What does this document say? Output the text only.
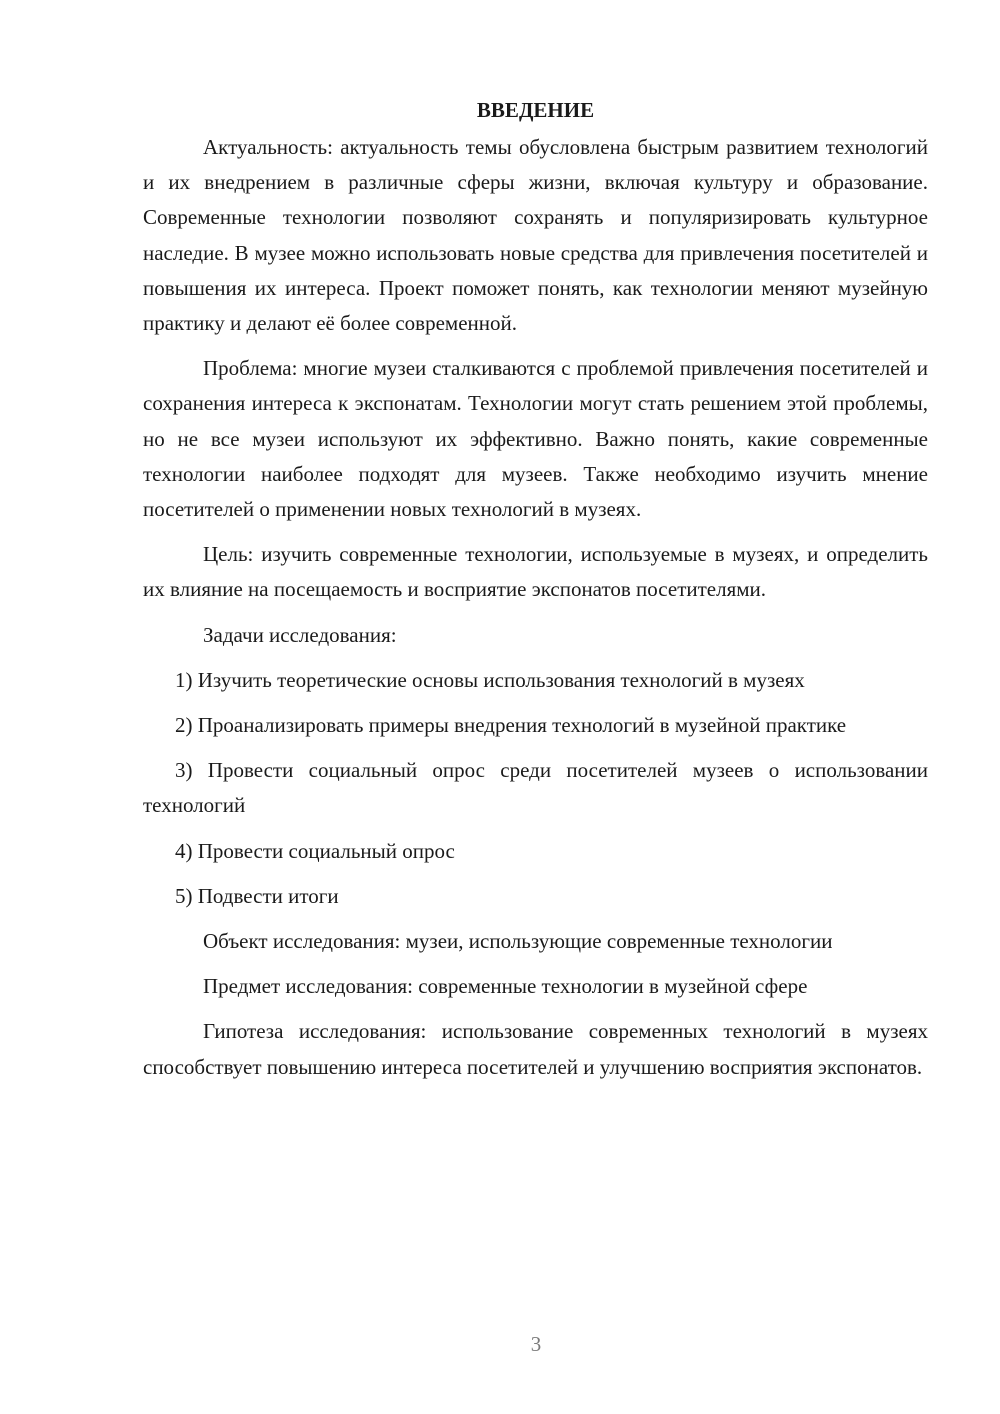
ВВЕДЕНИЕ

Актуальность: актуальность темы обусловлена быстрым развитием технологий и их внедрением в различные сферы жизни, включая культуру и образование. Современные технологии позволяют сохранять и популяризировать культурное наследие. В музее можно использовать новые средства для привлечения посетителей и повышения их интереса. Проект поможет понять, как технологии меняют музейную практику и делают её более современной.

Проблема: многие музеи сталкиваются с проблемой привлечения посетителей и сохранения интереса к экспонатам. Технологии могут стать решением этой проблемы, но не все музеи используют их эффективно. Важно понять, какие современные технологии наиболее подходят для музеев. Также необходимо изучить мнение посетителей о применении новых технологий в музеях.

Цель: изучить современные технологии, используемые в музеях, и определить их влияние на посещаемость и восприятие экспонатов посетителями.

Задачи исследования:

1) Изучить теоретические основы использования технологий в музеях

2) Проанализировать примеры внедрения технологий в музейной практике

3) Провести социальный опрос среди посетителей музеев о использовании технологий

4) Провести социальный опрос

5) Подвести итоги

Объект исследования: музеи, использующие современные технологии

Предмет исследования: современные технологии в музейной сфере

Гипотеза исследования: использование современных технологий в музеях способствует повышению интереса посетителей и улучшению восприятия экспонатов.

3
